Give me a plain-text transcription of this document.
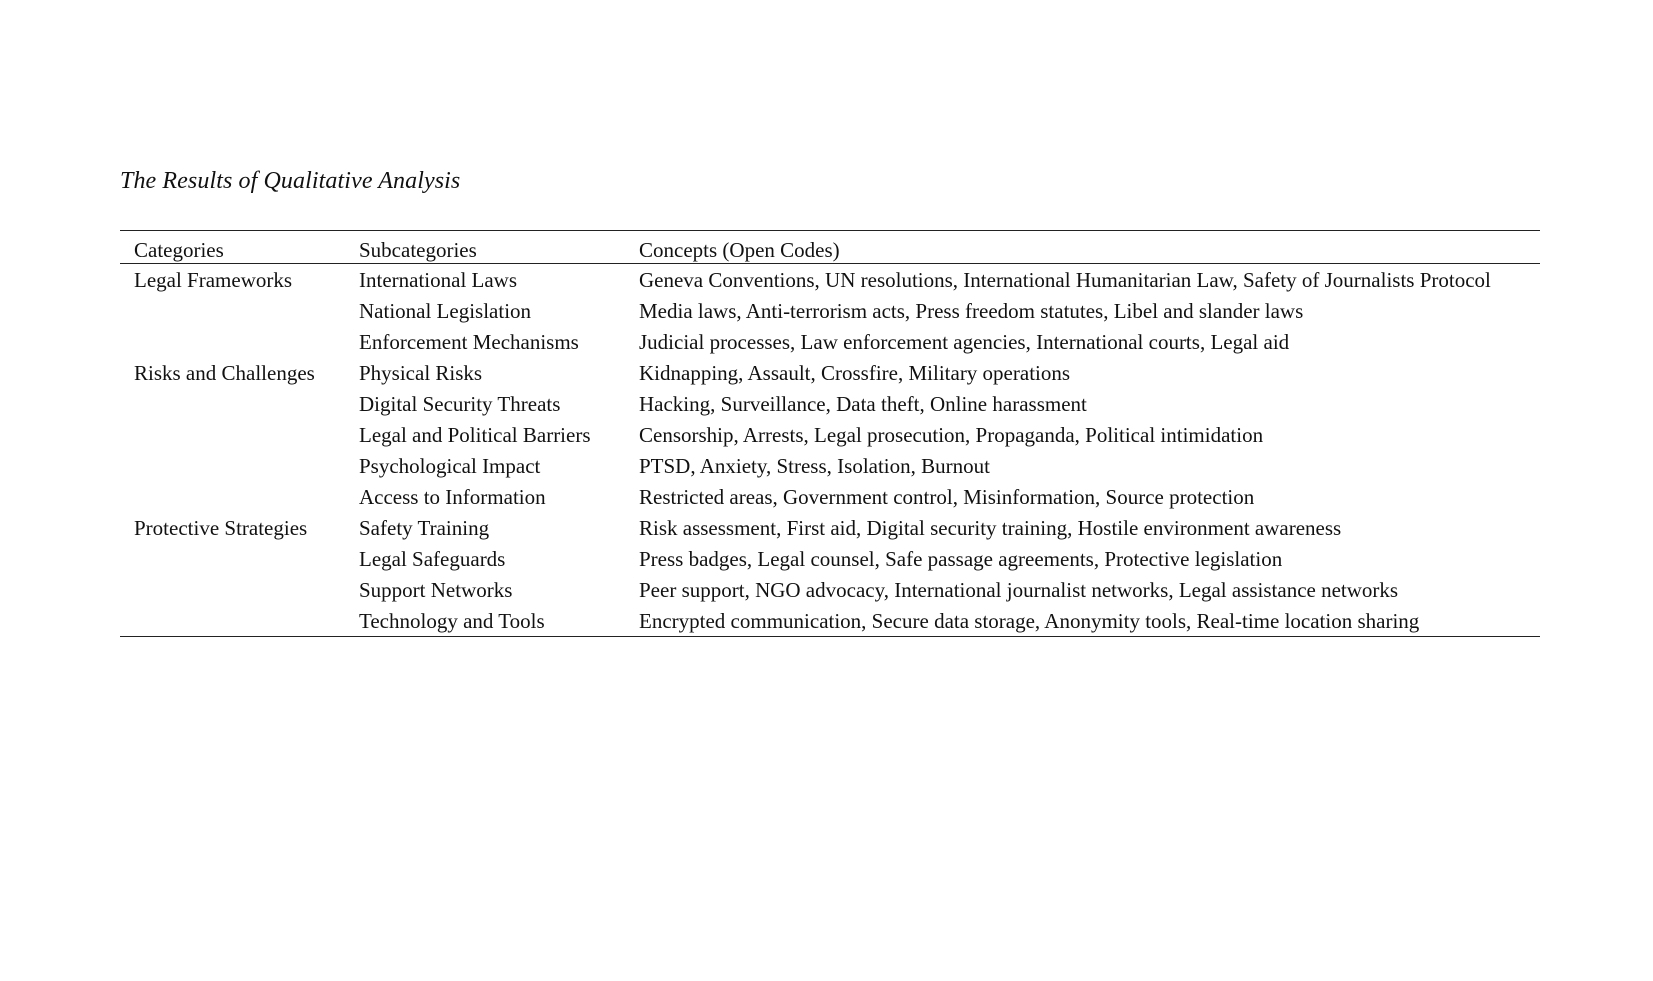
The Results of Qualitative Analysis
Categories	Subcategories	Concepts (Open Codes)

Legal Frameworks	International Laws	Geneva Conventions, UN resolutions, International Humanitarian Law, Safety of Journalists Protocol

	National Legislation	Media laws, Anti-terrorism acts, Press freedom statutes, Libel and slander laws

	Enforcement Mechanisms	Judicial processes, Law enforcement agencies, International courts, Legal aid

Risks and Challenges	Physical Risks	Kidnapping, Assault, Crossfire, Military operations

	Digital Security Threats	Hacking, Surveillance, Data theft, Online harassment

	Legal and Political Barriers	Censorship, Arrests, Legal prosecution, Propaganda, Political intimidation

	Psychological Impact	PTSD, Anxiety, Stress, Isolation, Burnout

	Access to Information	Restricted areas, Government control, Misinformation, Source protection

Protective Strategies	Safety Training	Risk assessment, First aid, Digital security training, Hostile environment awareness

	Legal Safeguards	Press badges, Legal counsel, Safe passage agreements, Protective legislation

	Support Networks	Peer support, NGO advocacy, International journalist networks, Legal assistance networks

	Technology and Tools	Encrypted communication, Secure data storage, Anonymity tools, Real-time location sharing
